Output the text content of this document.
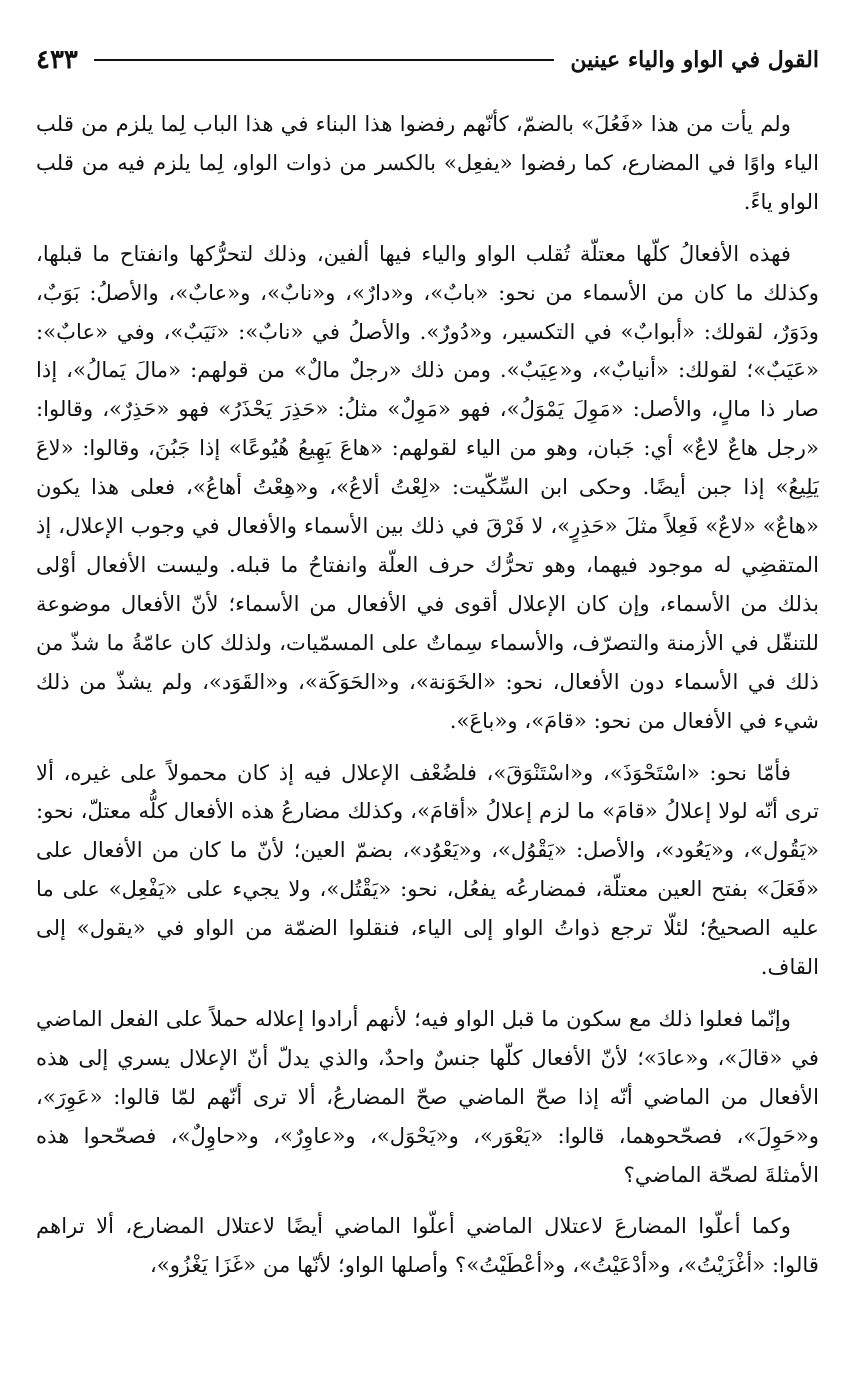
القول في الواو والياء عينين
٤٣٣

ولم يأت من هذا «فَعُلَ» بالضمّ، كأنّهم رفضوا هذا البناء في هذا الباب لِما يلزم من قلب الياء واوًا في المضارع، كما رفضوا «يفعِل» بالكسر من ذوات الواو، لِما يلزم فيه من قلب الواو ياءً.

فهذه الأفعالُ كلّها معتلّة تُقلب الواو والياء فيها ألفين، وذلك لتحرُّكها وانفتاح ما قبلها، وكذلك ما كان من الأسماء من نحو: «بابٌ»، و«دارٌ»، و«نابٌ»، و«عابٌ»، والأصلُ: بَوَبٌ، ودَوَرٌ، لقولك: «أبوابٌ» في التكسير، و«دُورٌ». والأصلُ في «نابٌ»: «نَيَبٌ»، وفي «عابٌ»: «عَيَبٌ»؛ لقولك: «أنيابٌ»، و«عِيَبٌ». ومن ذلك «رجلٌ مالٌ» من قولهم: «مالَ يَمالُ»، إذا صار ذا مالٍ، والأصل: «مَوِلَ يَمْوَلُ»، فهو «مَوِلٌ» مثلُ: «حَذِرَ يَحْذَرُ» فهو «حَذِرٌ»، وقالوا: «رجل هاعٌ لاعٌ» أي: جَبان، وهو من الياء لقولهم: «هاعَ يَهِيعُ هُيُوعًا» إذا جَبُنَ، وقالوا: «لاعَ يَلِيعُ» إذا جبن أيضًا. وحكى ابن السِّكّيت: «لِعْتُ ألاعُ»، و«هِعْتُ أهاعُ»، فعلى هذا يكون «هاعٌ» «لاعٌ» فَعِلاً مثلَ «حَذِرٍ»، لا فَرْقَ في ذلك بين الأسماء والأفعال في وجوب الإعلال، إذ المتقضِي له موجود فيهما، وهو تحرُّك حرف العلّة وانفتاحُ ما قبله. وليست الأفعال أوْلى بذلك من الأسماء، وإن كان الإعلال أقوى في الأفعال من الأسماء؛ لأنّ الأفعال موضوعة للتنقّل في الأزمنة والتصرّف، والأسماء سِماتٌ على المسمّيات، ولذلك كان عامّةُ ما شذّ من ذلك في الأسماء دون الأفعال، نحو: «الخَوَنة»، و«الحَوَكَة»، و«القَوَد»، ولم يشذّ من ذلك شيء في الأفعال من نحو: «قامَ»، و«باعَ».

فأمّا نحو: «اسْتَحْوَذَ»، و«اسْتَنْوَقَ»، فلضُعْف الإعلال فيه إذ كان محمولاً على غيره، ألا ترى أنّه لولا إعلالُ «قامَ» ما لزم إعلالُ «أقامَ»، وكذلك مضارعُ هذه الأفعال كلُّه معتلّ، نحو: «يَقُول»، و«يَعُود»، والأصل: «يَقْوُل»، و«يَعْوُد»، بضمّ العين؛ لأنّ ما كان من الأفعال على «فَعَلَ» بفتح العين معتلّة، فمضارعُه يفعُل، نحو: «يَقْتُل»، ولا يجيء على «يَفْعِل» على ما عليه الصحيحُ؛ لئلّا ترجع ذواتُ الواو إلى الياء، فنقلوا الضمّة من الواو في «يقول» إلى القاف.

وإنّما فعلوا ذلك مع سكون ما قبل الواو فيه؛ لأنهم أرادوا إعلاله حملاً على الفعل الماضي في «قالَ»، و«عادَ»؛ لأنّ الأفعال كلّها جنسٌ واحدٌ، والذي يدلّ أنّ الإعلال يسري إلى هذه الأفعال من الماضي أنّه إذا صحّ الماضي صحّ المضارعُ، ألا ترى أنّهم لمّا قالوا: «عَوِرَ»، و«حَوِلَ»، فصحّحوهما، قالوا: «يَعْوَر»، و«يَحْوَل»، و«عاوِرٌ»، و«حاوِلٌ»، فصحّحوا هذه الأمثلةَ لصحّة الماضي؟

وكما أعلّوا المضارعَ لاعتلال الماضي أعلّوا الماضي أيضًا لاعتلال المضارع، ألا تراهم قالوا: «أغْزَيْتُ»، و«أدْعَيْتُ»، و«أعْطَيْتُ»؟ وأصلها الواو؛ لأنّها من «غَزَا يَغْزُو»،
